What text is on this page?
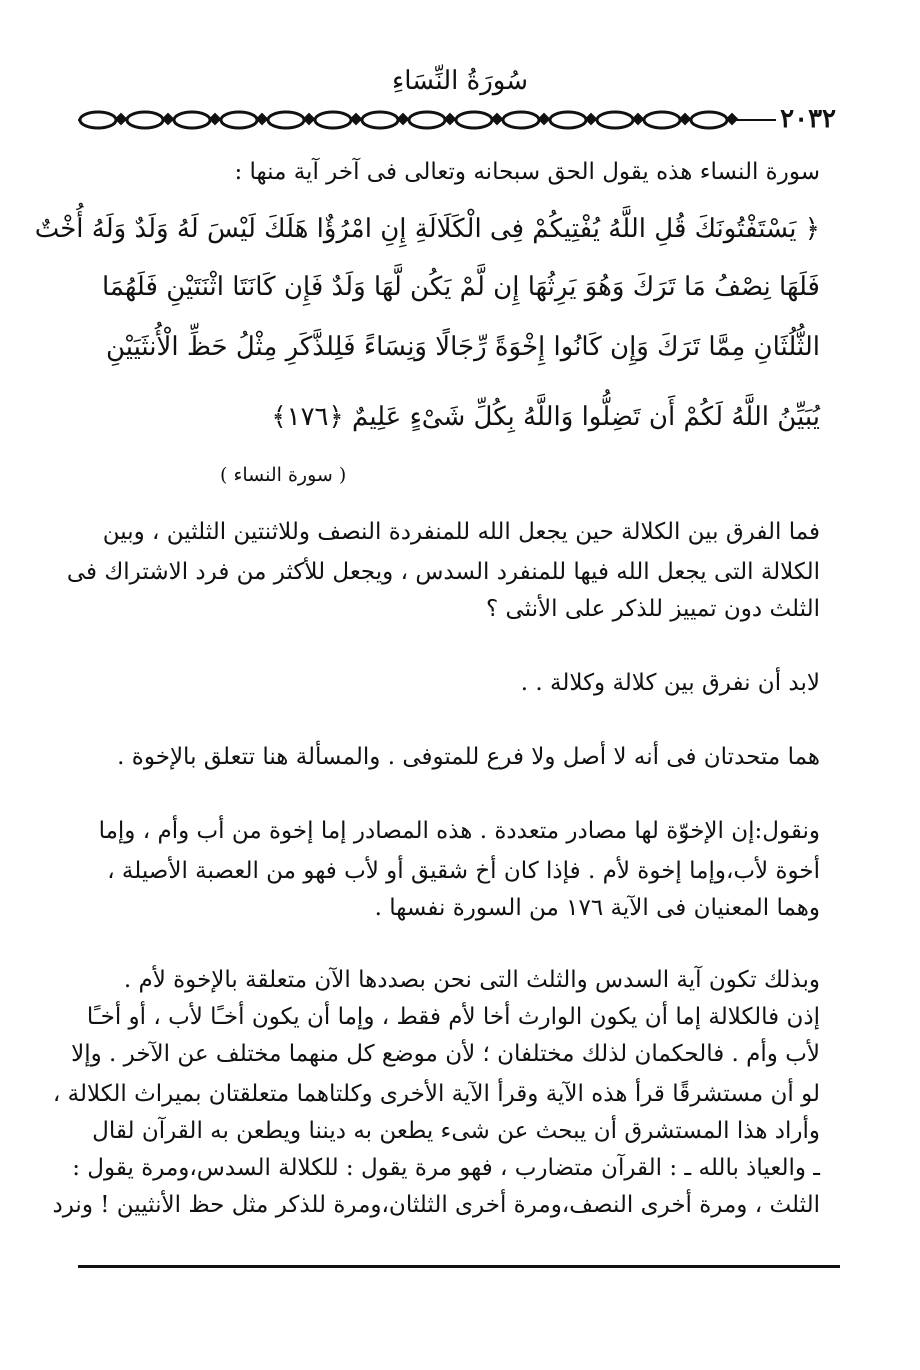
سُورَةُ النِّسَاءِ
٢٠٣٢
سورة النساء هذه يقول الحق سبحانه وتعالى فى آخر آية منها :
﴿ يَسْتَفْتُونَكَ قُلِ اللَّهُ يُفْتِيكُمْ فِى الْكَلَالَةِ إِنِ امْرُؤٌا هَلَكَ لَيْسَ لَهُ وَلَدٌ وَلَهُ أُخْتٌ
فَلَهَا نِصْفُ مَا تَرَكَ وَهُوَ يَرِثُهَا إِن لَّمْ يَكُن لَّهَا وَلَدٌ فَإِن كَانَتَا اثْنَتَيْنِ فَلَهُمَا
الثُّلُثَانِ مِمَّا تَرَكَ وَإِن كَانُوا إِخْوَةً رِّجَالًا وَنِسَاءً فَلِلذَّكَرِ مِثْلُ حَظِّ الْأُنثَيَيْنِ
يُبَيِّنُ اللَّهُ لَكُمْ أَن تَضِلُّوا وَاللَّهُ بِكُلِّ شَىْءٍ عَلِيمٌ ﴿١٧٦﴾
( سورة النساء )
فما الفرق بين الكلالة حين يجعل الله للمنفردة النصف وللاثنتين الثلثين ، وبين
الكلالة التى يجعل الله فيها للمنفرد السدس ، ويجعل للأكثر من فرد الاشتراك فى
الثلث دون تمييز للذكر على الأنثى ؟
لابد أن نفرق بين كلالة وكلالة . .
هما متحدتان فى أنه لا أصل ولا فرع للمتوفى . والمسألة هنا تتعلق بالإخوة .
ونقول:إن الإخوّة لها مصادر متعددة . هذه المصادر إما إخوة من أب وأم ، وإما
أخوة لأب،وإما إخوة لأم . فإذا كان أخ شقيق أو لأب فهو من العصبة الأصيلة ،
وهما المعنيان فى الآية ١٧٦ من السورة نفسها .
وبذلك تكون آية السدس والثلث التى نحن بصددها الآن متعلقة بالإخوة لأم .
إذن فالكلالة إما أن يكون الوارث أخا لأم فقط ، وإما أن يكون أخـًا لأب ، أو أخـًا
لأب وأم . فالحكمان لذلك مختلفان ؛ لأن موضع كل منهما مختلف عن الآخر . وإلا
لو أن مستشرقًا قرأ هذه الآية وقرأ الآية الأخرى وكلتاهما متعلقتان بميراث الكلالة ،
وأراد هذا المستشرق أن يبحث عن شىء يطعن به ديننا ويطعن به القرآن لقال
ـ والعياذ بالله ـ : القرآن متضارب ، فهو مرة يقول : للكلالة السدس،ومرة يقول :
الثلث ، ومرة أخرى النصف،ومرة أخرى الثلثان،ومرة للذكر مثل حظ الأنثيين ! ونرد
